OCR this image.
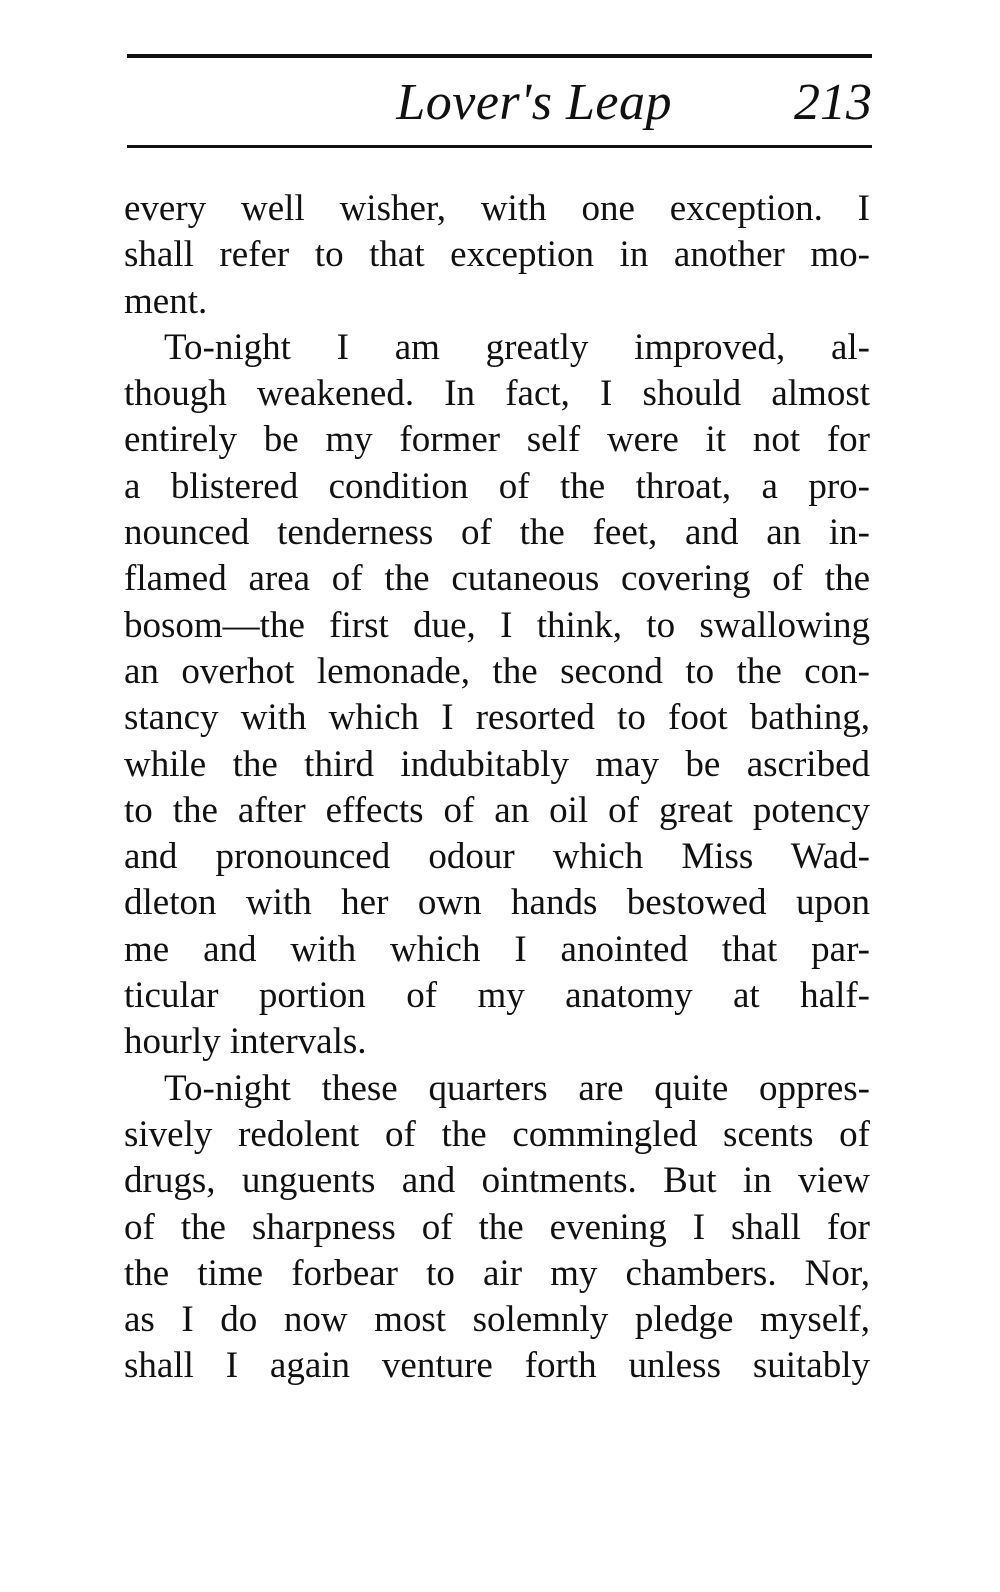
Lover's Leap 213
every well wisher, with one exception. I
shall refer to that exception in another mo-
ment.
To-night I am greatly improved, al-
though weakened. In fact, I should almost
entirely be my former self were it not for
a blistered condition of the throat, a pro-
nounced tenderness of the feet, and an in-
flamed area of the cutaneous covering of the
bosom—the first due, I think, to swallowing
an overhot lemonade, the second to the con-
stancy with which I resorted to foot bathing,
while the third indubitably may be ascribed
to the after effects of an oil of great potency
and pronounced odour which Miss Wad-
dleton with her own hands bestowed upon
me and with which I anointed that par-
ticular portion of my anatomy at half-
hourly intervals.
To-night these quarters are quite oppres-
sively redolent of the commingled scents of
drugs, unguents and ointments. But in view
of the sharpness of the evening I shall for
the time forbear to air my chambers. Nor,
as I do now most solemnly pledge myself,
shall I again venture forth unless suitably
